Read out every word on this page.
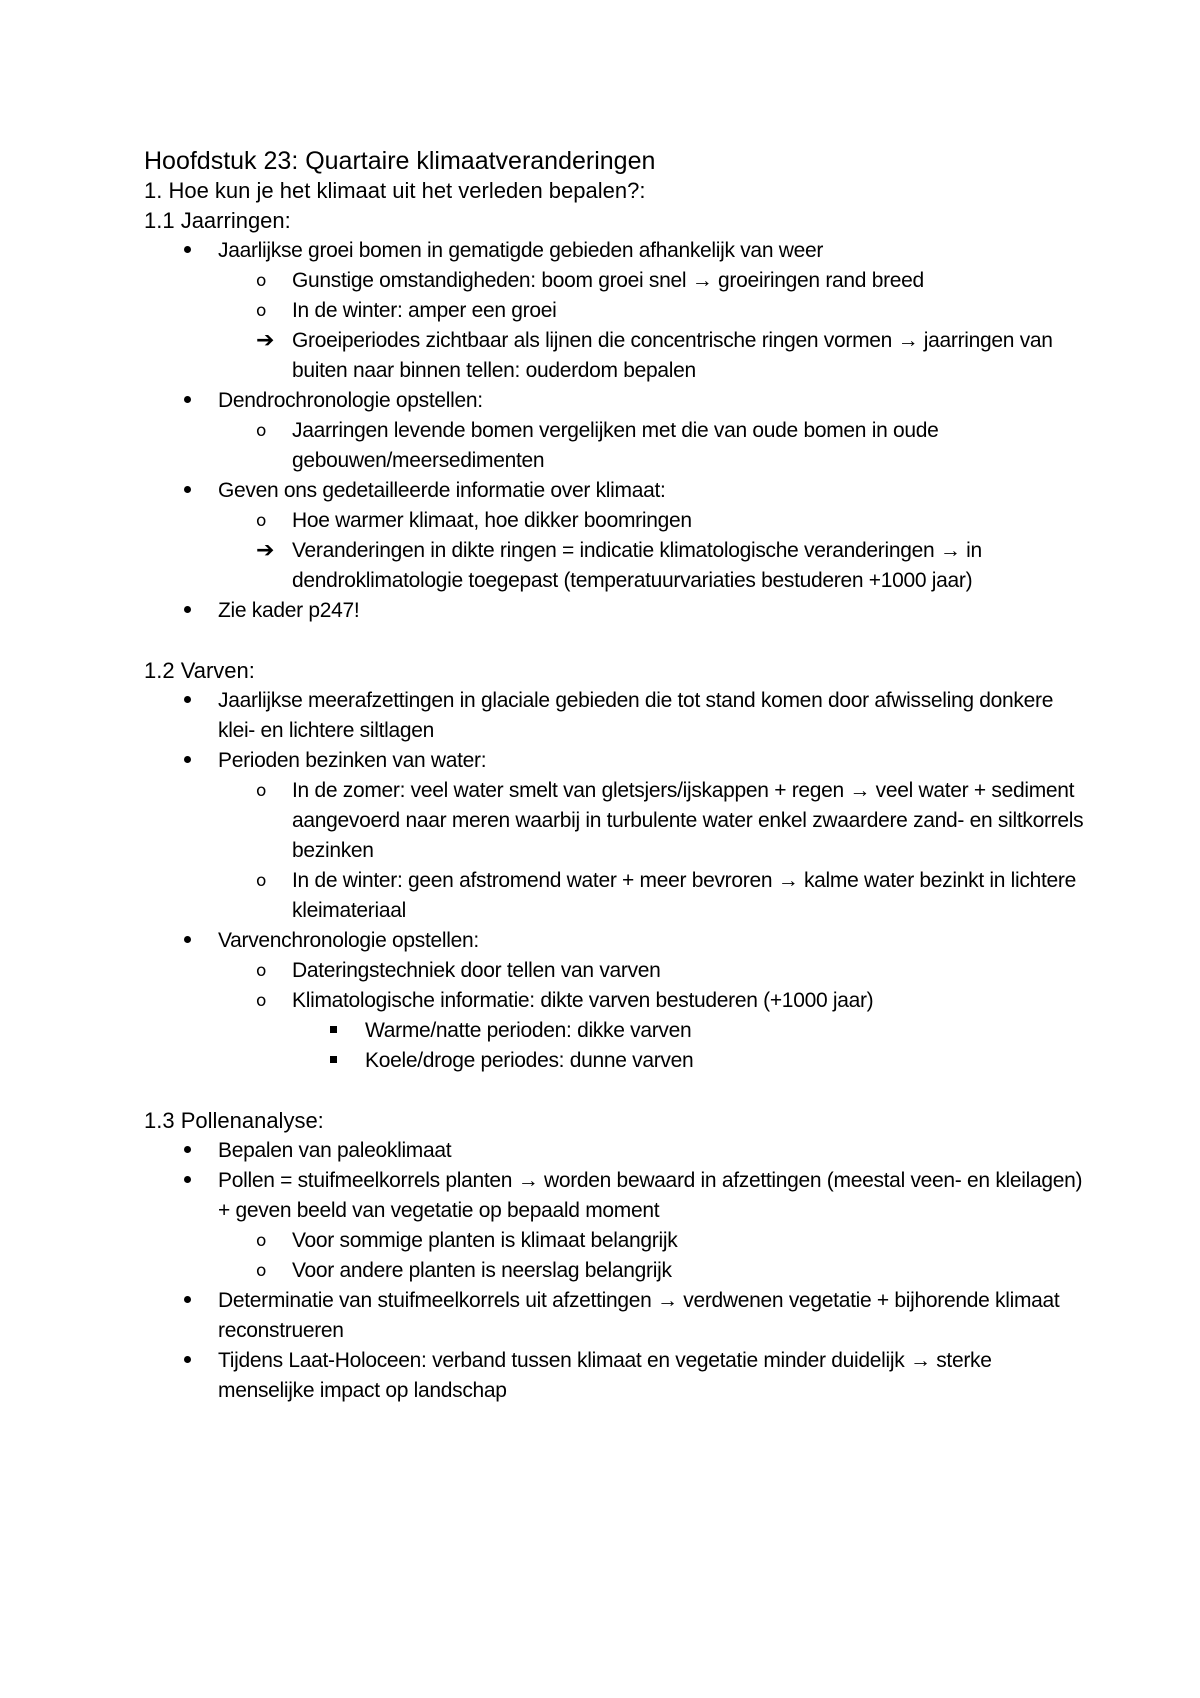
Hoofdstuk 23: Quartaire klimaatveranderingen
1. Hoe kun je het klimaat uit het verleden bepalen?:
1.1 Jaarringen:
Jaarlijkse groei bomen in gematigde gebieden afhankelijk van weer
o Gunstige omstandigheden: boom groei snel → groeiringen rand breed
o In de winter: amper een groei
➔ Groeiperiodes zichtbaar als lijnen die concentrische ringen vormen → jaarringen van buiten naar binnen tellen: ouderdom bepalen
Dendrochronologie opstellen:
o Jaarringen levende bomen vergelijken met die van oude bomen in oude gebouwen/meersedimenten
Geven ons gedetailleerde informatie over klimaat:
o Hoe warmer klimaat, hoe dikker boomringen
➔ Veranderingen in dikte ringen = indicatie klimatologische veranderingen → in dendroklimatologie toegepast (temperatuurvariaties bestuderen +1000 jaar)
Zie kader p247!
1.2 Varven:
Jaarlijkse meerafzettingen in glaciale gebieden die tot stand komen door afwisseling donkere klei- en lichtere siltlagen
Perioden bezinken van water:
o In de zomer: veel water smelt van gletsjers/ijskappen + regen → veel water + sediment aangevoerd naar meren waarbij in turbulente water enkel zwaardere zand- en siltkorrels bezinken
o In de winter: geen afstromend water + meer bevroren → kalme water bezinkt in lichtere kleimateriaal
Varvenchronologie opstellen:
o Dateringstechniek door tellen van varven
o Klimatologische informatie: dikte varven bestuderen (+1000 jaar)
Warme/natte perioden: dikke varven
Koele/droge periodes: dunne varven
1.3 Pollenanalyse:
Bepalen van paleoklimaat
Pollen = stuifmeelkorrels planten → worden bewaard in afzettingen (meestal veen- en kleilagen) + geven beeld van vegetatie op bepaald moment
o Voor sommige planten is klimaat belangrijk
o Voor andere planten is neerslag belangrijk
Determinatie van stuifmeelkorrels uit afzettingen → verdwenen vegetatie + bijhorende klimaat reconstrueren
Tijdens Laat-Holoceen: verband tussen klimaat en vegetatie minder duidelijk → sterke menselijke impact op landschap
